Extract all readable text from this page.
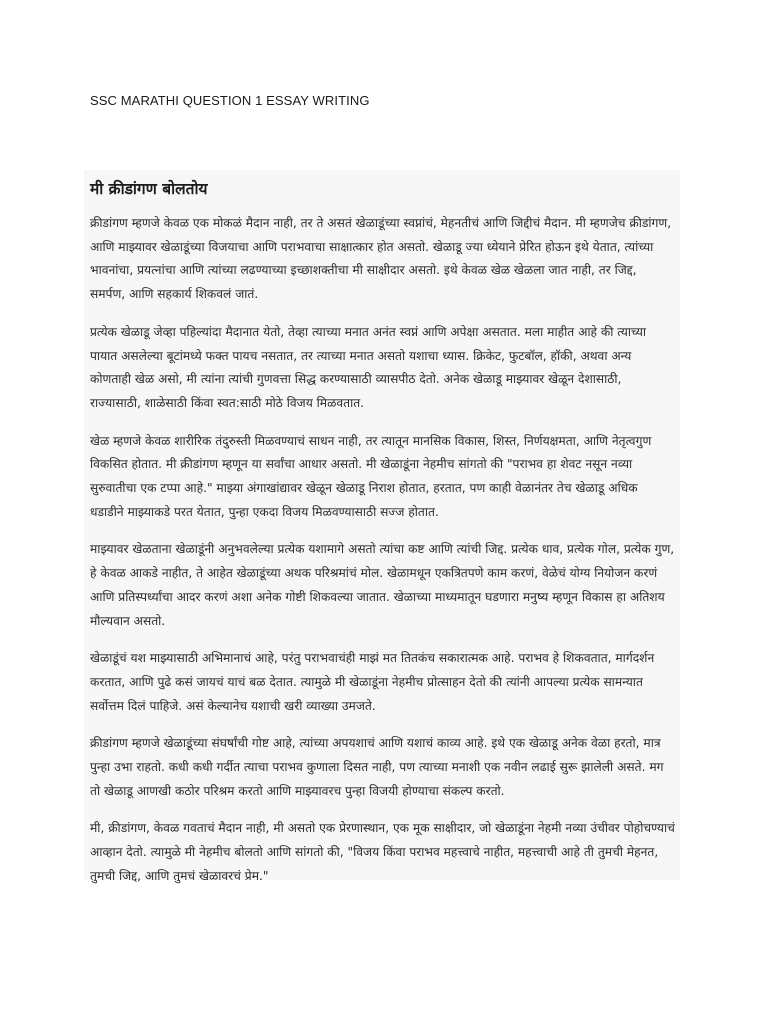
SSC MARATHI QUESTION 1 ESSAY WRITING
मी क्रीडांगण बोलतोय

क्रीडांगण म्हणजे केवळ एक मोकळं मैदान नाही, तर ते असतं खेळाडूंच्या स्वप्नांचं, मेहनतीचं आणि जिद्दीचं मैदान. मी म्हणजेच क्रीडांगण, आणि माझ्यावर खेळाडूंच्या विजयाचा आणि पराभवाचा साक्षात्कार होत असतो. खेळाडू ज्या ध्येयाने प्रेरित होऊन इथे येतात, त्यांच्या भावनांचा, प्रयत्नांचा आणि त्यांच्या लढण्याच्या इच्छाशक्तीचा मी साक्षीदार असतो. इथे केवळ खेळ खेळला जात नाही, तर जिद्द, समर्पण, आणि सहकार्य शिकवलं जातं.

प्रत्येक खेळाडू जेव्हा पहिल्यांदा मैदानात येतो, तेव्हा त्याच्या मनात अनंत स्वप्नं आणि अपेक्षा असतात. मला माहीत आहे की त्याच्या पायात असलेल्या बूटांमध्ये फक्त पायच नसतात, तर त्याच्या मनात असतो यशाचा ध्यास. क्रिकेट, फुटबॉल, हॉकी, अथवा अन्य कोणताही खेळ असो, मी त्यांना त्यांची गुणवत्ता सिद्ध करण्यासाठी व्यासपीठ देतो. अनेक खेळाडू माझ्यावर खेळून देशासाठी, राज्यासाठी, शाळेसाठी किंवा स्वत:साठी मोठे विजय मिळवतात.

खेळ म्हणजे केवळ शारीरिक तंदुरुस्ती मिळवण्याचं साधन नाही, तर त्यातून मानसिक विकास, शिस्त, निर्णयक्षमता, आणि नेतृत्वगुण विकसित होतात. मी क्रीडांगण म्हणून या सर्वांचा आधार असतो. मी खेळाडूंना नेहमीच सांगतो की "पराभव हा शेवट नसून नव्या सुरुवातीचा एक टप्पा आहे." माझ्या अंगाखांद्यावर खेळून खेळाडू निराश होतात, हरतात, पण काही वेळानंतर तेच खेळाडू अधिक धडाडीने माझ्याकडे परत येतात, पुन्हा एकदा विजय मिळवण्यासाठी सज्ज होतात.

माझ्यावर खेळताना खेळाडूंनी अनुभवलेल्या प्रत्येक यशामागे असतो त्यांचा कष्ट आणि त्यांची जिद्द. प्रत्येक धाव, प्रत्येक गोल, प्रत्येक गुण, हे केवळ आकडे नाहीत, ते आहेत खेळाडूंच्या अथक परिश्रमांचं मोल. खेळामधून एकत्रितपणे काम करणं, वेळेचं योग्य नियोजन करणं आणि प्रतिस्पर्ध्यांचा आदर करणं अशा अनेक गोष्टी शिकवल्या जातात. खेळाच्या माध्यमातून घडणारा मनुष्य म्हणून विकास हा अतिशय मौल्यवान असतो.

खेळाडूंचं यश माझ्यासाठी अभिमानाचं आहे, परंतु पराभवाचंही माझं मत तितकंच सकारात्मक आहे. पराभव हे शिकवतात, मार्गदर्शन करतात, आणि पुढे कसं जायचं याचं बळ देतात. त्यामुळे मी खेळाडूंना नेहमीच प्रोत्साहन देतो की त्यांनी आपल्या प्रत्येक सामन्यात सर्वोत्तम दिलं पाहिजे. असं केल्यानेच यशाची खरी व्याख्या उमजते.

क्रीडांगण म्हणजे खेळाडूंच्या संघर्षांची गोष्ट आहे, त्यांच्या अपयशाचं आणि यशाचं काव्य आहे. इथे एक खेळाडू अनेक वेळा हरतो, मात्र पुन्हा उभा राहतो. कधी कधी गर्दीत त्याचा पराभव कुणाला दिसत नाही, पण त्याच्या मनाशी एक नवीन लढाई सुरू झालेली असते. मग तो खेळाडू आणखी कठोर परिश्रम करतो आणि माझ्यावरच पुन्हा विजयी होण्याचा संकल्प करतो.

मी, क्रीडांगण, केवळ गवताचं मैदान नाही, मी असतो एक प्रेरणास्थान, एक मूक साक्षीदार, जो खेळाडूंना नेहमी नव्या उंचीवर पोहोचण्याचं आव्हान देतो. त्यामुळे मी नेहमीच बोलतो आणि सांगतो की, "विजय किंवा पराभव महत्त्वाचे नाहीत, महत्त्वाची आहे ती तुमची मेहनत, तुमची जिद्द, आणि तुमचं खेळावरचं प्रेम."
